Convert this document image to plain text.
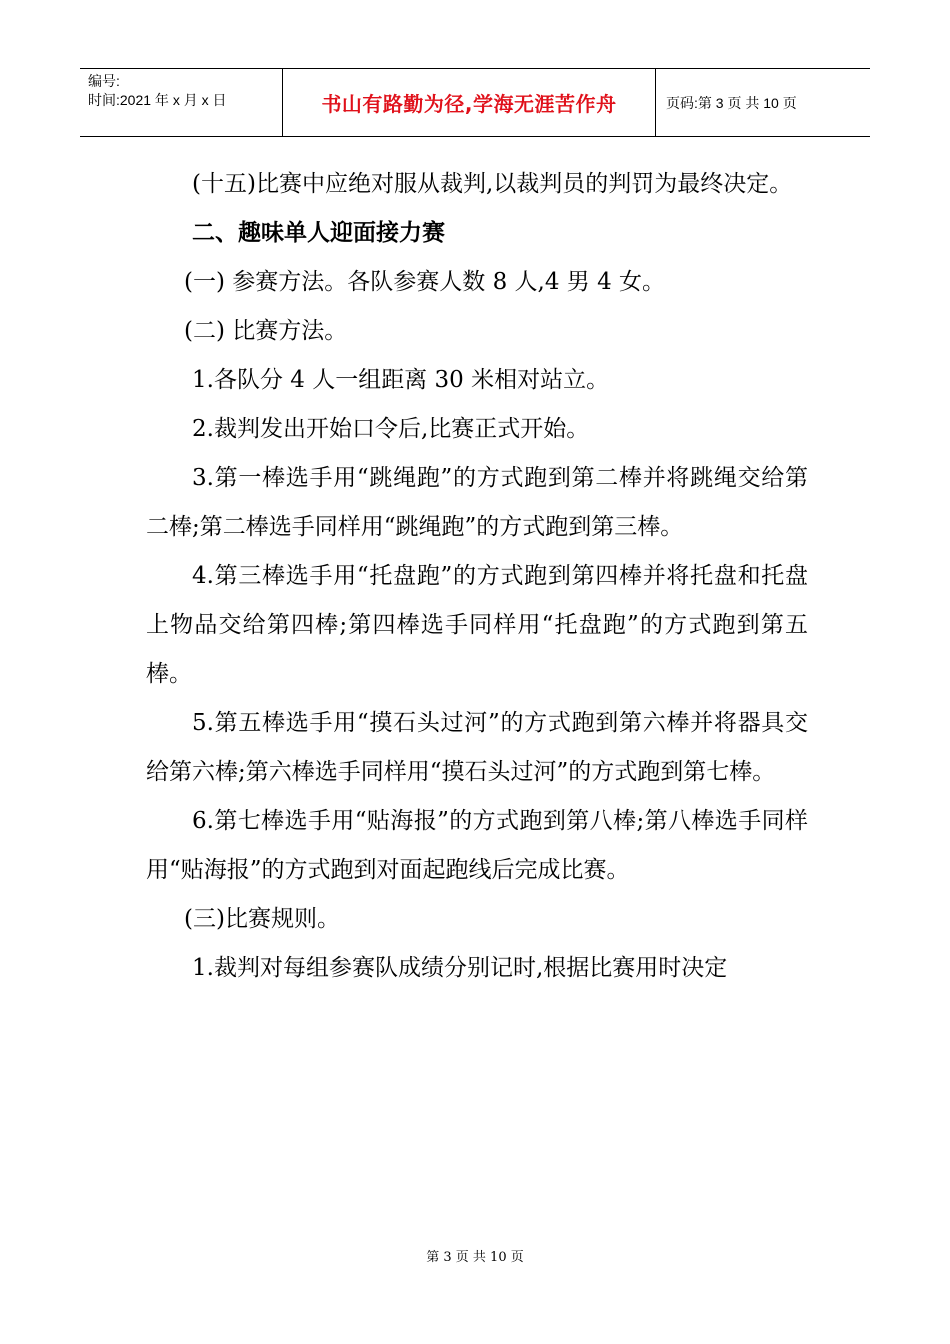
编号:
时间:2021 年 x 月 x 日	书山有路勤为径,学海无涯苦作舟	页码:第 3 页 共 10 页

(十五)比赛中应绝对服从裁判,以裁判员的判罚为最终决定。

二、趣味单人迎面接力赛

(一) 参赛方法。各队参赛人数 8 人,4 男 4 女。

(二) 比赛方法。

1.各队分 4 人一组距离 30 米相对站立。

2.裁判发出开始口令后,比赛正式开始。

3.第一棒选手用“跳绳跑”的方式跑到第二棒并将跳绳交给第二棒;第二棒选手同样用“跳绳跑”的方式跑到第三棒。

4.第三棒选手用“托盘跑”的方式跑到第四棒并将托盘和托盘上物品交给第四棒;第四棒选手同样用“托盘跑”的方式跑到第五棒。

5.第五棒选手用“摸石头过河”的方式跑到第六棒并将器具交给第六棒;第六棒选手同样用“摸石头过河”的方式跑到第七棒。

6.第七棒选手用“贴海报”的方式跑到第八棒;第八棒选手同样用“贴海报”的方式跑到对面起跑线后完成比赛。

(三)比赛规则。

1.裁判对每组参赛队成绩分别记时,根据比赛用时决定

第 3 页 共 10 页
